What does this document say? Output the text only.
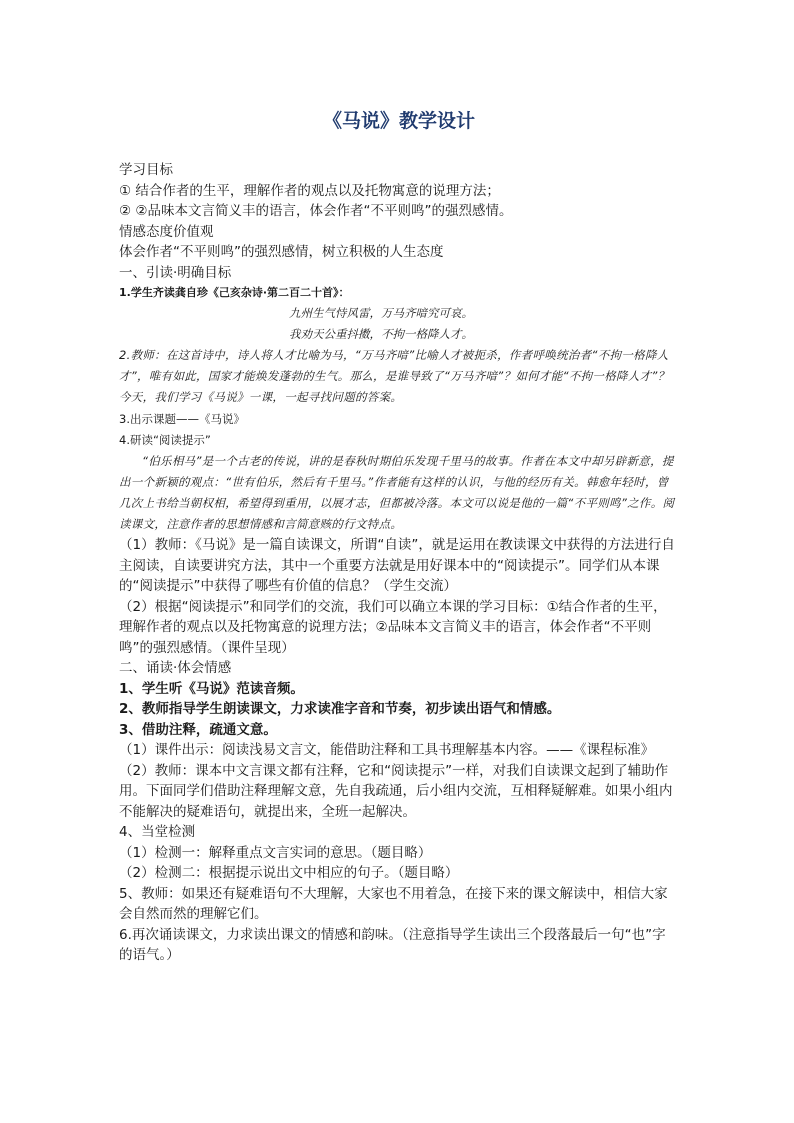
《马说》教学设计

学习目标

① 结合作者的生平，理解作者的观点以及托物寓意的说理方法；

② ②品味本文言简义丰的语言，体会作者“不平则鸣”的强烈感情。

情感态度价值观

体会作者“不平则鸣”的强烈感情，树立积极的人生态度

一、引读·明确目标

1.学生齐读龚自珍《己亥杂诗·第二百二十首》：

九州生气恃风雷，万马齐喑究可哀。

我劝天公重抖擞，不拘一格降人才。

2.教师：在这首诗中，诗人将人才比喻为马，“万马齐喑”比喻人才被扼杀，作者呼唤统治者“不拘一格降人才”，唯有如此，国家才能焕发蓬勃的生气。那么，是谁导致了“万马齐喑”？如何才能“不拘一格降人才”？今天，我们学习《马说》一课，一起寻找问题的答案。

3.出示课题——《马说》

4.研读“阅读提示”

“伯乐相马”是一个古老的传说，讲的是春秋时期伯乐发现千里马的故事。作者在本文中却另辟新意，提出一个新颖的观点：“世有伯乐，然后有千里马。”作者能有这样的认识，与他的经历有关。韩愈年轻时，曾几次上书给当朝权相，希望得到重用，以展才志，但都被冷落。本文可以说是他的一篇“不平则鸣”之作。阅读课文，注意作者的思想情感和言简意赅的行文特点。

（1）教师：《马说》是一篇自读课文，所谓“自读”，就是运用在教读课文中获得的方法进行自主阅读，自读要讲究方法，其中一个重要方法就是用好课本中的“阅读提示”。同学们从本课的“阅读提示”中获得了哪些有价值的信息？（学生交流）

（2）根据“阅读提示”和同学们的交流，我们可以确立本课的学习目标：①结合作者的生平，理解作者的观点以及托物寓意的说理方法；②品味本文言简义丰的语言，体会作者“不平则鸣”的强烈感情。（课件呈现）

二、诵读·体会情感

1、学生听《马说》范读音频。

2、教师指导学生朗读课文，力求读准字音和节奏，初步读出语气和情感。

3、借助注释，疏通文意。

（1）课件出示：阅读浅易文言文，能借助注释和工具书理解基本内容。——《课程标准》

（2）教师：课本中文言课文都有注释，它和“阅读提示”一样，对我们自读课文起到了辅助作用。下面同学们借助注释理解文意，先自我疏通，后小组内交流，互相释疑解难。如果小组内不能解决的疑难语句，就提出来，全班一起解决。

4、当堂检测

（1）检测一：解释重点文言实词的意思。（题目略）

（2）检测二：根据提示说出文中相应的句子。（题目略）

5、教师：如果还有疑难语句不大理解，大家也不用着急，在接下来的课文解读中，相信大家会自然而然的理解它们。

6.再次诵读课文，力求读出课文的情感和韵味。（注意指导学生读出三个段落最后一句“也”字的语气。）
